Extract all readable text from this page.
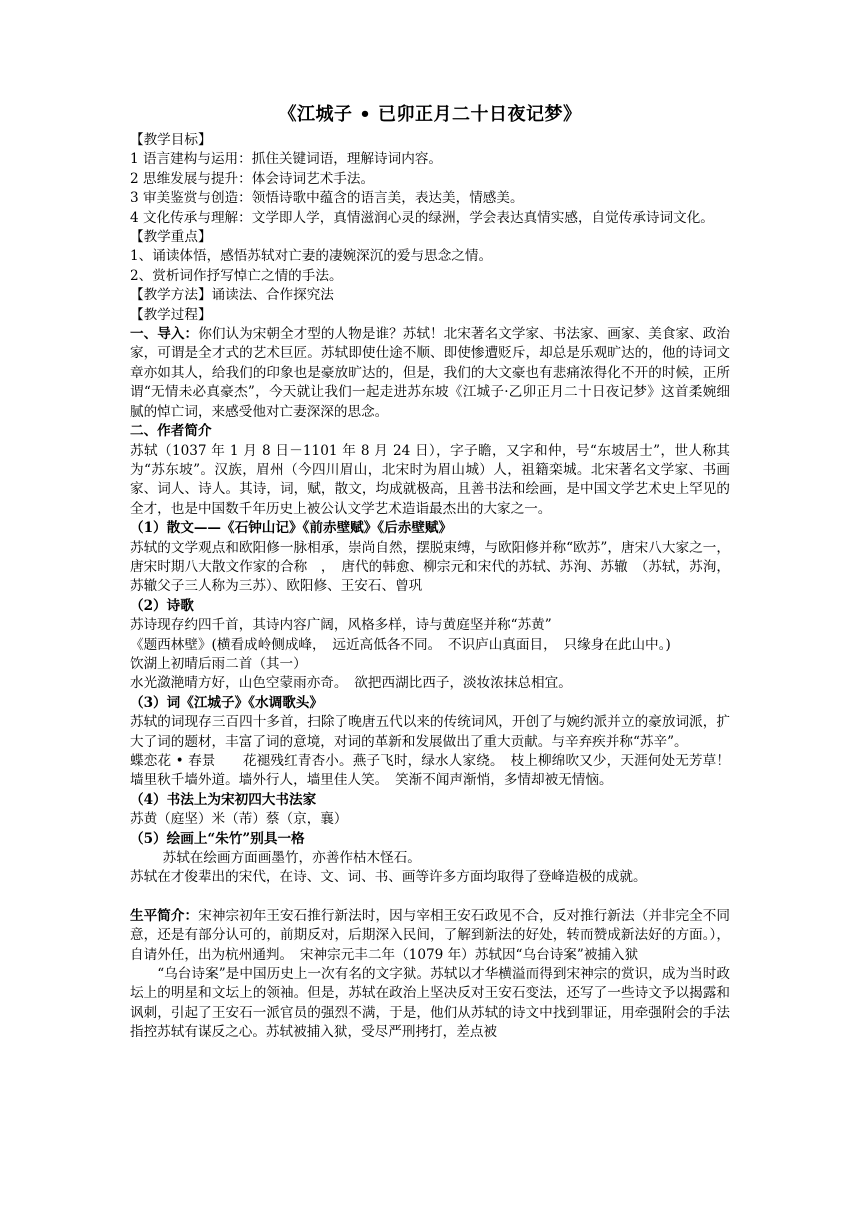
《江城子 • 已卯正月二十日夜记梦》

【教学目标】

1 语言建构与运用：抓住关键词语，理解诗词内容。

2 思维发展与提升：体会诗词艺术手法。

3 审美鉴赏与创造：领悟诗歌中蕴含的语言美，表达美，情感美。

4 文化传承与理解：文学即人学，真情滋润心灵的绿洲，学会表达真情实感，自觉传承诗词文化。

【教学重点】

1、诵读体悟，感悟苏轼对亡妻的凄婉深沉的爱与思念之情。

2、赏析词作抒写悼亡之情的手法。

【教学方法】诵读法、合作探究法

【教学过程】

一、导入：你们认为宋朝全才型的人物是谁？苏轼！北宋著名文学家、书法家、画家、美食家、政治家，可谓是全才式的艺术巨匠。苏轼即使仕途不顺、即使惨遭贬斥，却总是乐观旷达的，他的诗词文章亦如其人，给我们的印象也是豪放旷达的，但是，我们的大文豪也有悲痛浓得化不开的时候，正所谓“无情未必真豪杰”，今天就让我们一起走进苏东坡《江城子·乙卯正月二十日夜记梦》这首柔婉细腻的悼亡词，来感受他对亡妻深深的思念。

二、作者简介

苏轼（1037 年 1 月 8 日－1101 年 8 月 24 日），字子瞻，又字和仲，号“东坡居士”，世人称其为“苏东坡”。汉族，眉州（今四川眉山，北宋时为眉山城）人，祖籍栾城。北宋著名文学家、书画家、词人、诗人。其诗，词，赋，散文，均成就极高，且善书法和绘画，是中国文学艺术史上罕见的全才，也是中国数千年历史上被公认文学艺术造诣最杰出的大家之一。

（1）散文——《石钟山记》《前赤壁赋》《后赤壁赋》

苏轼的文学观点和欧阳修一脉相承，崇尚自然，摆脱束缚，与欧阳修并称“欧苏”，唐宋八大家之一，唐宋时期八大散文作家的合称　，　唐代的韩愈、柳宗元和宋代的苏轼、苏洵、苏辙　（苏轼，苏洵，苏辙父子三人称为三苏）、欧阳修、王安石、曾巩

（2）诗歌

苏诗现存约四千首，其诗内容广阔，风格多样，诗与黄庭坚并称“苏黄”

《题西林壁》(横看成岭侧成峰，　远近高低各不同。　不识庐山真面目，　只缘身在此山中。)

饮湖上初晴后雨二首（其一）

水光潋滟晴方好，山色空蒙雨亦奇。　欲把西湖比西子，淡妆浓抹总相宜。

（3）词《江城子》《水调歌头》

苏轼的词现存三百四十多首，扫除了晚唐五代以来的传统词风，开创了与婉约派并立的豪放词派，扩大了词的题材，丰富了词的意境，对词的革新和发展做出了重大贡献。与辛弃疾并称“苏辛”。

蝶恋花 • 春景　　花褪残红青杏小。燕子飞时，绿水人家绕。　枝上柳绵吹又少，天涯何处无芳草！　墙里秋千墙外道。墙外行人，墙里佳人笑。　笑渐不闻声渐悄，多情却被无情恼。

（4）书法上为宋初四大书法家

苏黄（庭坚）米（芾）蔡（京，襄）

（5）绘画上“朱竹”别具一格

苏轼在绘画方面画墨竹，亦善作枯木怪石。

苏轼在才俊辈出的宋代，在诗、文、词、书、画等许多方面均取得了登峰造极的成就。

生平简介：宋神宗初年王安石推行新法时，因与宰相王安石政见不合，反对推行新法（并非完全不同意，还是有部分认可的，前期反对，后期深入民间，了解到新法的好处，转而赞成新法好的方面。），自请外任，出为杭州通判。　宋神宗元丰二年（1079 年）苏轼因“乌台诗案”被捕入狱

“乌台诗案”是中国历史上一次有名的文字狱。苏轼以才华横溢而得到宋神宗的赏识，成为当时政坛上的明星和文坛上的领袖。但是，苏轼在政治上坚决反对王安石变法，还写了一些诗文予以揭露和讽刺，引起了王安石一派官员的强烈不满，于是，他们从苏轼的诗文中找到罪证，用牵强附会的手法指控苏轼有谋反之心。苏轼被捕入狱，受尽严刑拷打，差点被
